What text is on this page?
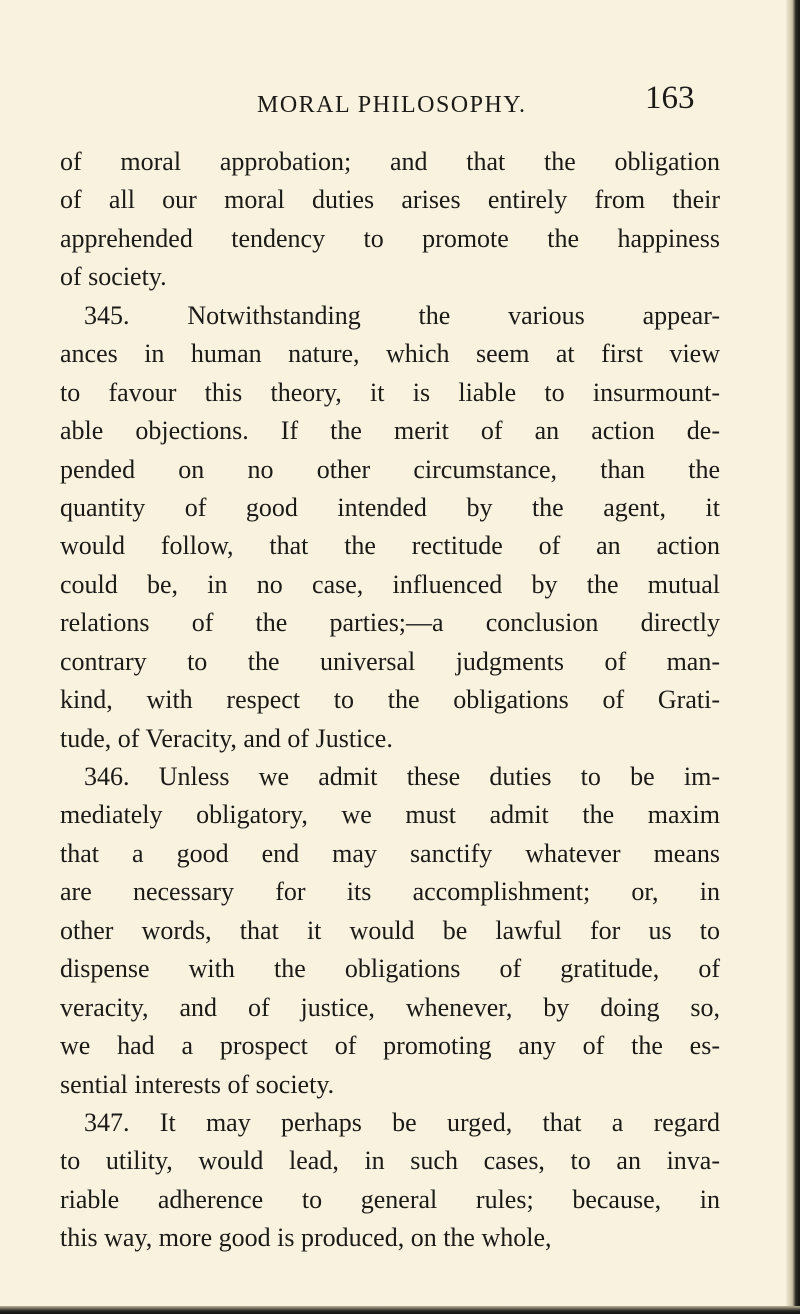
MORAL PHILOSOPHY.	163
of moral approbation; and that the obligation
of all our moral duties arises entirely from their
apprehended tendency to promote the happiness
of society.
345. Notwithstanding the various appear-
ances in human nature, which seem at first view
to favour this theory, it is liable to insurmount-
able objections. If the merit of an action de-
pended on no other circumstance, than the
quantity of good intended by the agent, it
would follow, that the rectitude of an action
could be, in no case, influenced by the mutual
relations of the parties;—a conclusion directly
contrary to the universal judgments of man-
kind, with respect to the obligations of Grati-
tude, of Veracity, and of Justice.
346. Unless we admit these duties to be im-
mediately obligatory, we must admit the maxim
that a good end may sanctify whatever means
are necessary for its accomplishment; or, in
other words, that it would be lawful for us to
dispense with the obligations of gratitude, of
veracity, and of justice, whenever, by doing so,
we had a prospect of promoting any of the es-
sential interests of society.
347. It may perhaps be urged, that a regard
to utility, would lead, in such cases, to an inva-
riable adherence to general rules; because, in
this way, more good is produced, on the whole,
